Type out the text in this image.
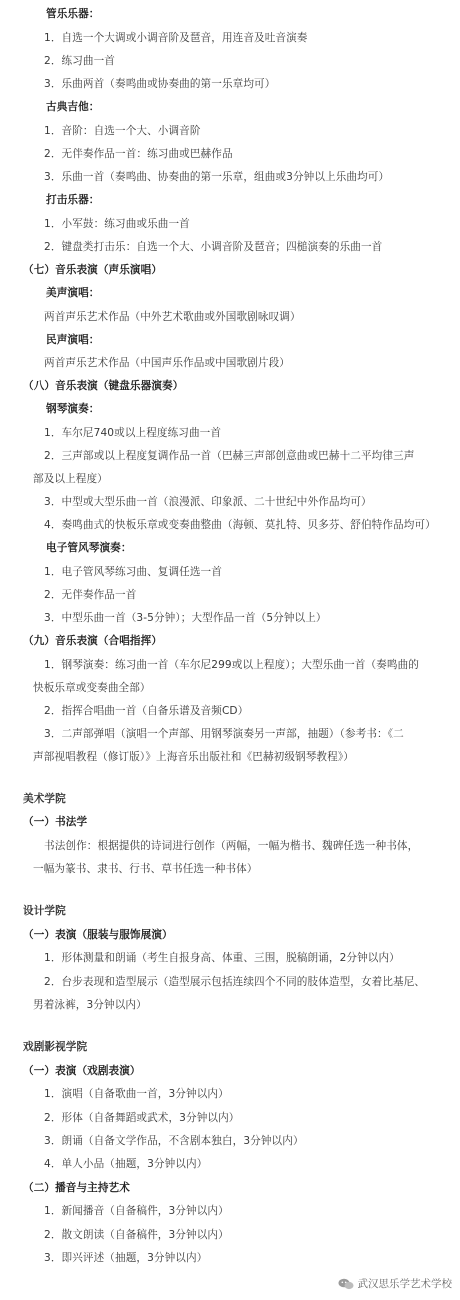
管乐乐器：
1．自选一个大调或小调音阶及琶音，用连音及吐音演奏
2．练习曲一首
3．乐曲两首（奏鸣曲或协奏曲的第一乐章均可）
古典吉他：
1．音阶：自选一个大、小调音阶
2．无伴奏作品一首：练习曲或巴赫作品
3．乐曲一首（奏鸣曲、协奏曲的第一乐章，组曲或3分钟以上乐曲均可）
打击乐器：
1．小军鼓：练习曲或乐曲一首
2．键盘类打击乐：自选一个大、小调音阶及琶音；四槌演奏的乐曲一首
（七）音乐表演（声乐演唱）
美声演唱：
两首声乐艺术作品（中外艺术歌曲或外国歌剧咏叹调）
民声演唱：
两首声乐艺术作品（中国声乐作品或中国歌剧片段）
（八）音乐表演（键盘乐器演奏）
钢琴演奏：
1．车尔尼740或以上程度练习曲一首
2．三声部或以上程度复调作品一首（巴赫三声部创意曲或巴赫十二平均律三声
部及以上程度）
3．中型或大型乐曲一首（浪漫派、印象派、二十世纪中外作品均可）
4．奏鸣曲式的快板乐章或变奏曲整曲（海顿、莫扎特、贝多芬、舒伯特作品均可）
电子管风琴演奏：
1．电子管风琴练习曲、复调任选一首
2．无伴奏作品一首
3．中型乐曲一首（3-5分钟）；大型作品一首（5分钟以上）
（九）音乐表演（合唱指挥）
1．钢琴演奏：练习曲一首（车尔尼299或以上程度）；大型乐曲一首（奏鸣曲的
快板乐章或变奏曲全部）
2．指挥合唱曲一首（自备乐谱及音频CD）
3．二声部弹唱（演唱一个声部、用钢琴演奏另一声部，抽题）（参考书：《二
声部视唱教程（修订版）》上海音乐出版社和《巴赫初级钢琴教程》）
美术学院
（一）书法学
书法创作：根据提供的诗词进行创作（两幅，一幅为楷书、魏碑任选一种书体，
一幅为篆书、隶书、行书、草书任选一种书体）
设计学院
（一）表演（服装与服饰展演）
1．形体测量和朗诵（考生自报身高、体重、三围，脱稿朗诵，2分钟以内）
2．台步表现和造型展示（造型展示包括连续四个不同的肢体造型，女着比基尼、
男着泳裤，3分钟以内）
戏剧影视学院
（一）表演（戏剧表演）
1．演唱（自备歌曲一首，3分钟以内）
2．形体（自备舞蹈或武术，3分钟以内）
3．朗诵（自备文学作品，不含剧本独白，3分钟以内）
4．单人小品（抽题，3分钟以内）
（二）播音与主持艺术
1．新闻播音（自备稿件，3分钟以内）
2．散文朗读（自备稿件，3分钟以内）
3．即兴评述（抽题，3分钟以内）
武汉思乐学艺术学校
